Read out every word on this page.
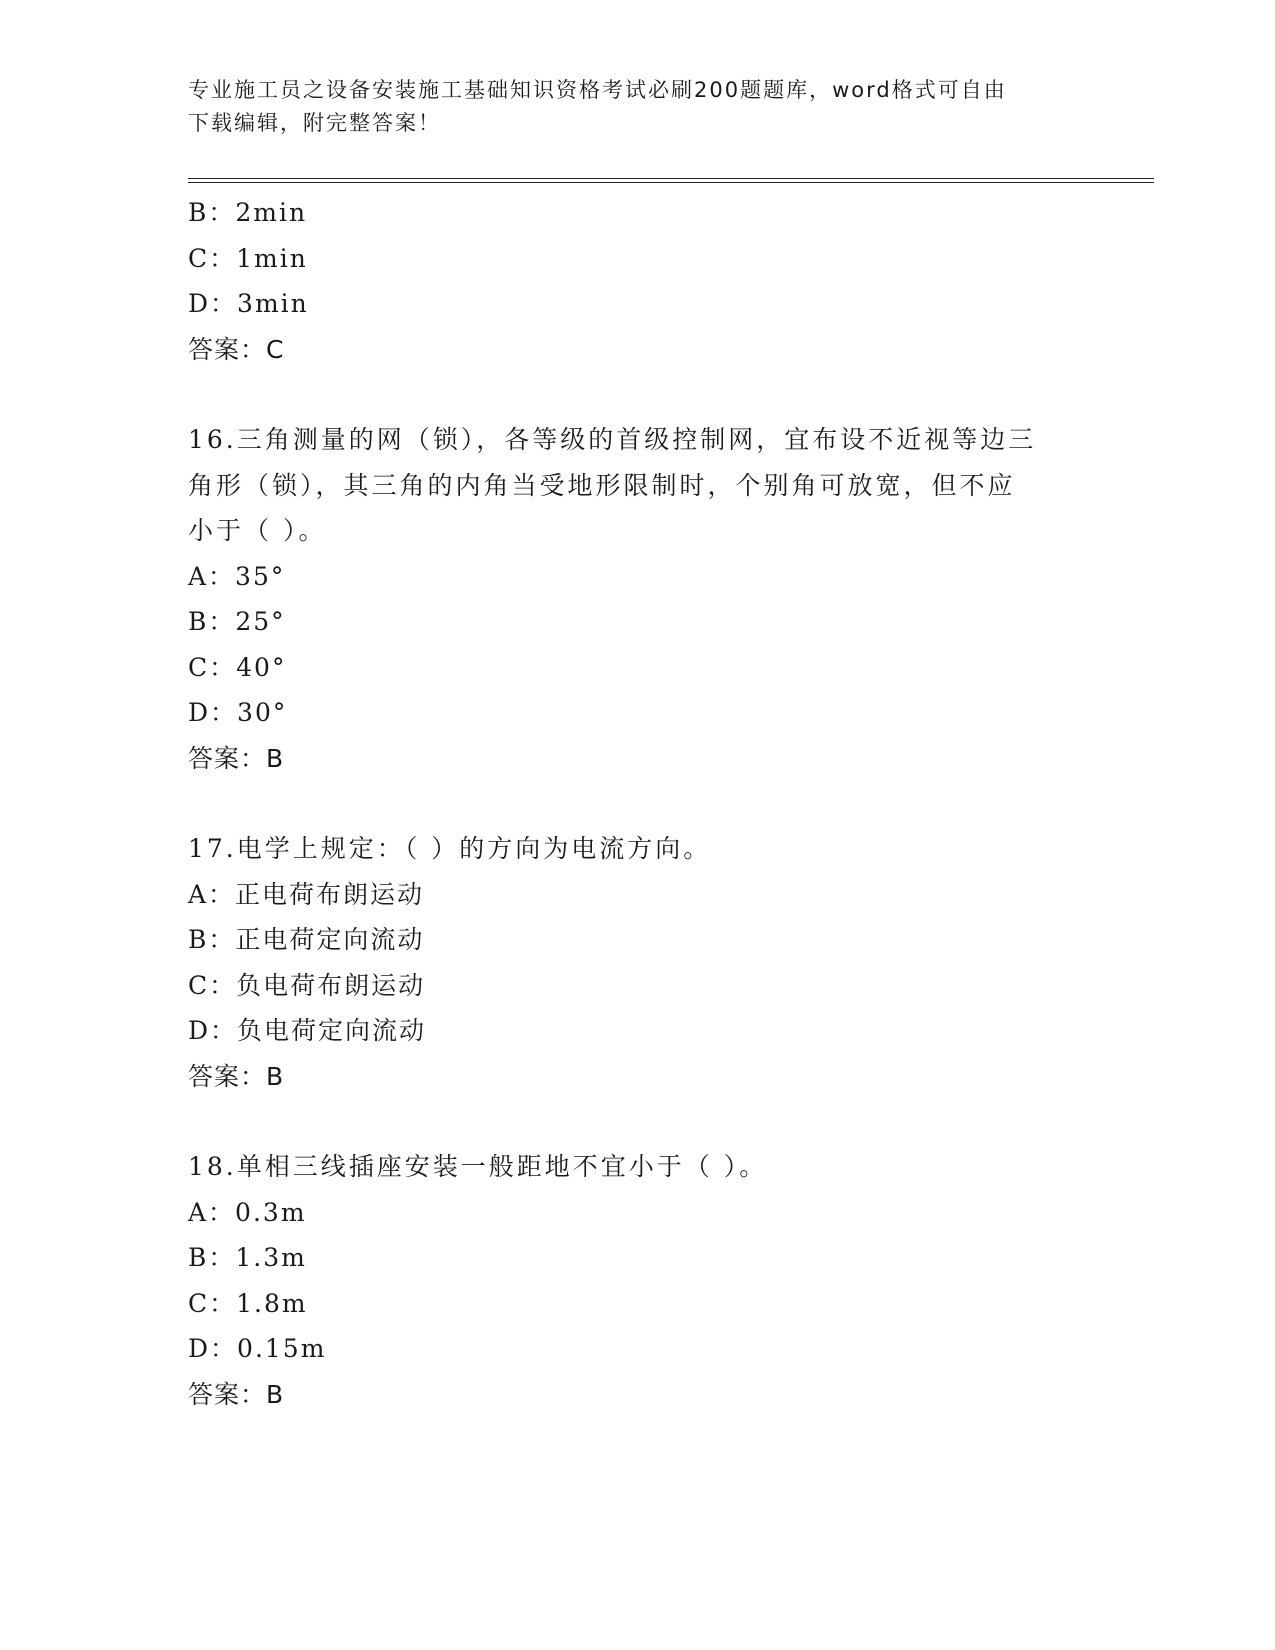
专业施工员之设备安装施工基础知识资格考试必刷200题题库，word格式可自由
下载编辑，附完整答案！
B：2min
C：1min
D：3min
答案：C
16.三角测量的网（锁），各等级的首级控制网，宜布设不近视等边三
角形（锁），其三角的内角当受地形限制时，个别角可放宽，但不应
小于（ ）。
A：35°
B：25°
C：40°
D：30°
答案：B
17.电学上规定：（ ）的方向为电流方向。
A：正电荷布朗运动
B：正电荷定向流动
C：负电荷布朗运动
D：负电荷定向流动
答案：B
18.单相三线插座安装一般距地不宜小于（ ）。
A：0.3m
B：1.3m
C：1.8m
D：0.15m
答案：B
